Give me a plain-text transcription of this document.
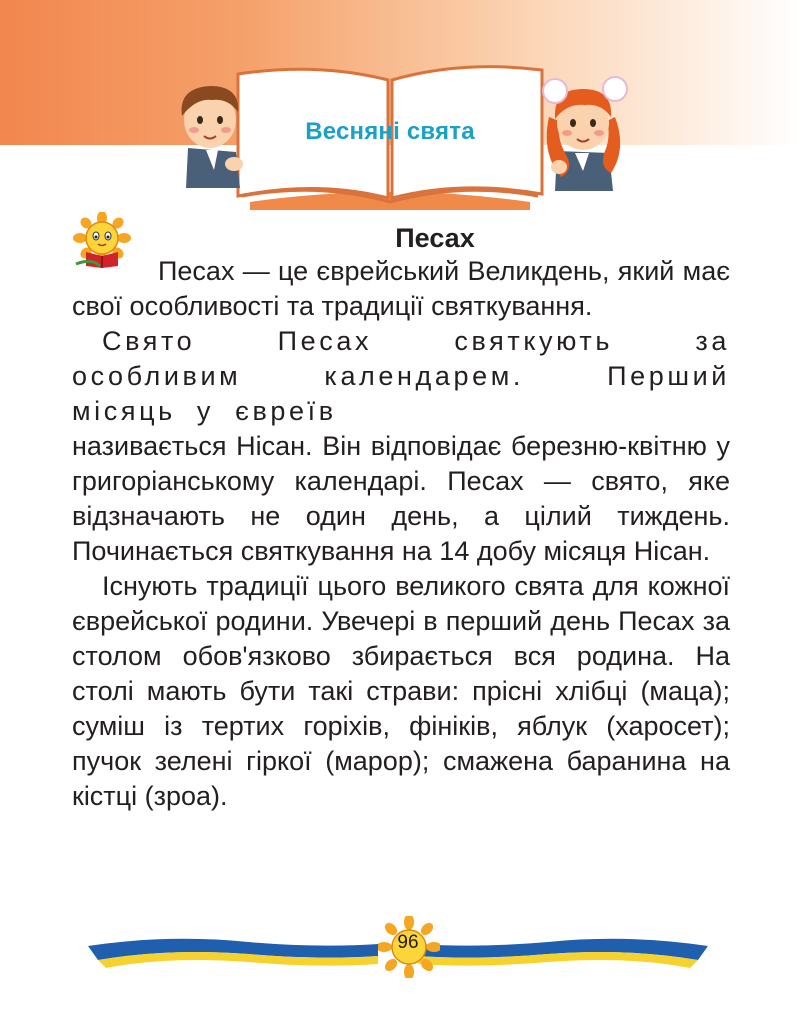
Весняні свята
Песах

Песах — це єврейський Великдень, який має свої особливості та традиції святкування.

Свято Песах святкують за особливим календарем. Перший місяць у євреїв

називається Нісан. Він відповідає березню-квітню у григоріанському календарі. Песах — свято, яке відзначають не один день, а цілий тиждень. Починається святкування на 14 добу місяця Нісан.

Існують традиції цього великого свята для кожної єврейської родини. Увечері в перший день Песах за столом обов'язково збирається вся родина. На столі мають бути такі страви: прісні хлібці (маца); суміш із тертих горіхів, фініків, яблук (харосет); пучок зелені гіркої (марор); смажена баранина на кістці (зроа).

96
